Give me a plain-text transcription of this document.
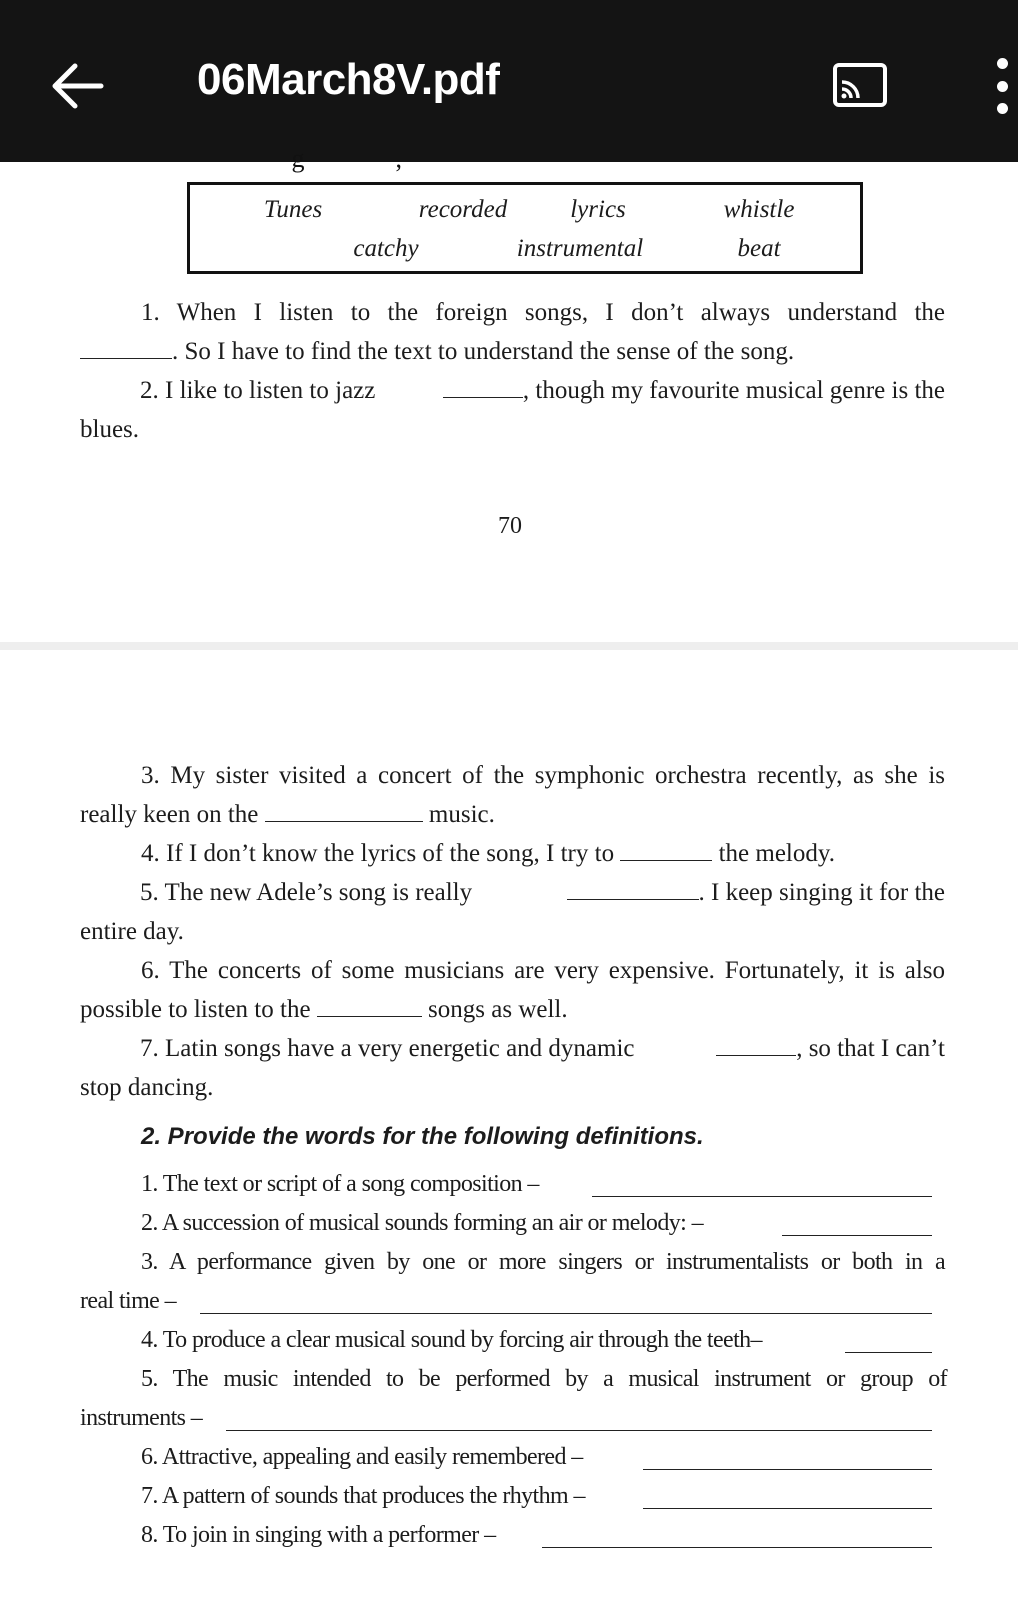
06March8V.pdf
g              ,
Tunes	recorded	lyrics	whistle
catchy	instrumental	beat
1. When I listen to the foreign songs, I don’t always understand the
. So I have to find the text to understand the sense of the song.
2. I like to listen to jazz	, though my favourite musical genre is the
blues.
70
3. My sister visited a concert of the symphonic orchestra recently, as she is
really keen on the	music.
4. If I don’t know the lyrics of the song, I try to	the melody.
5. The new Adele’s song is really	. I keep singing it for the
entire day.
6. The concerts of some musicians are very expensive. Fortunately, it is also
possible to listen to the	songs as well.
7. Latin songs have a very energetic and dynamic	, so that I can’t
stop dancing.
2. Provide the words for the following definitions.
1. The text or script of a song composition –
2. A succession of musical sounds forming an air or melody: –
3. A performance given by one or more singers or instrumentalists or both in a
real time –
4. To produce a clear musical sound by forcing air through the teeth–
5. The music intended to be performed by a musical instrument or group of
instruments –
6. Attractive, appealing and easily remembered –
7. A pattern of sounds that produces the rhythm –
8. To join in singing with a performer –
